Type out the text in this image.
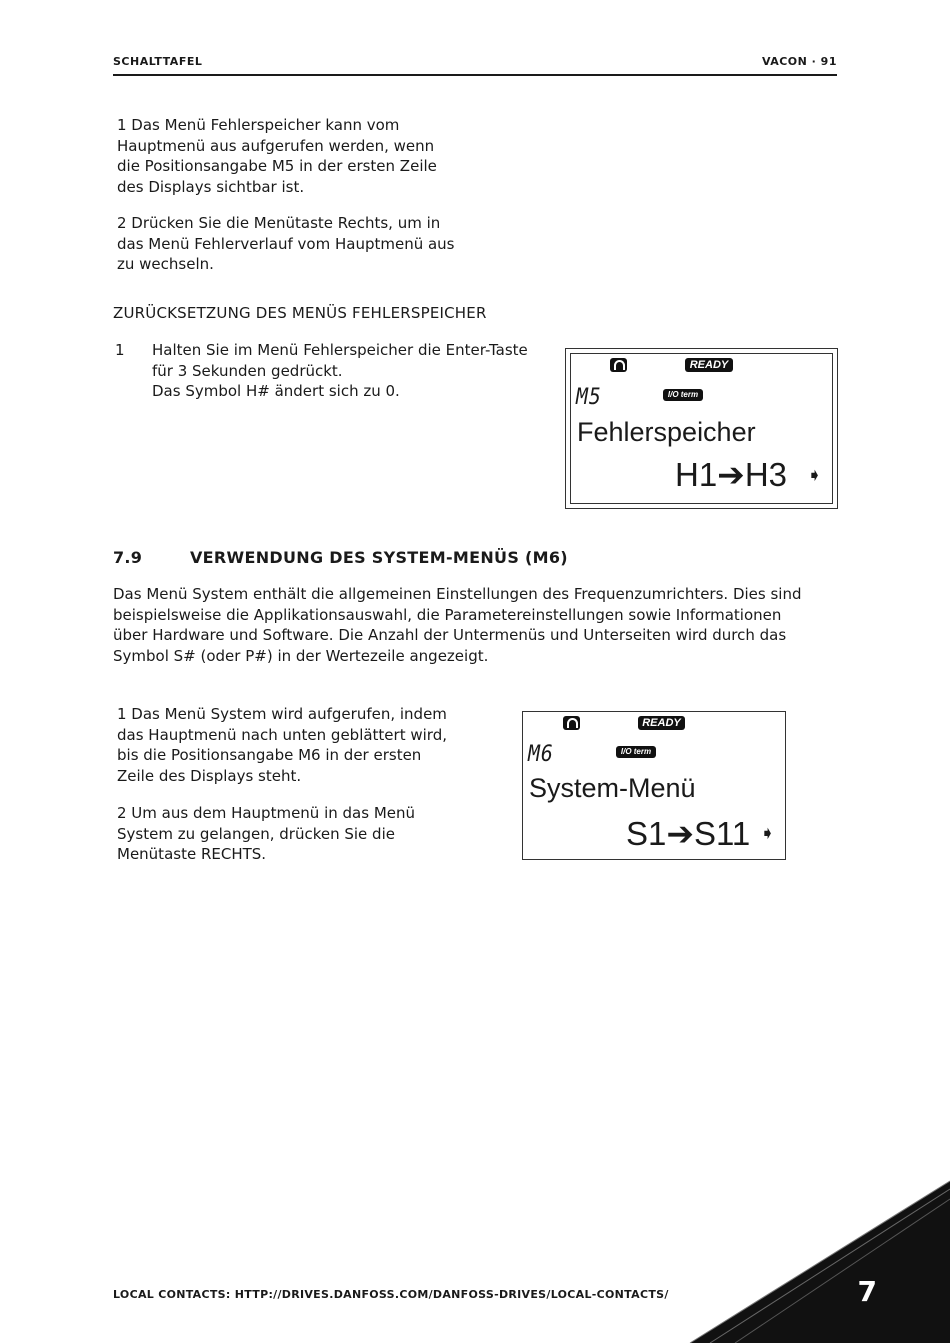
SCHALTTAFEL	VACON · 91
1 Das Menü Fehlerspeicher kann vom
Hauptmenü aus aufgerufen werden, wenn
die Positionsangabe M5 in der ersten Zeile
des Displays sichtbar ist.
2 Drücken Sie die Menütaste Rechts, um in
das Menü Fehlerverlauf vom Hauptmenü aus
zu wechseln.
ZURÜCKSETZUNG DES MENÜS FEHLERSPEICHER
1 Halten Sie im Menü Fehlerspeicher die Enter-Taste
für 3 Sekunden gedrückt.
Das Symbol H# ändert sich zu 0.
READY
M5	I/O term
Fehlerspeicher
H1➔H3 ➧
7.9	VERWENDUNG DES SYSTEM-MENÜS (M6)
Das Menü System enthält die allgemeinen Einstellungen des Frequenzumrichters. Dies sind
beispielsweise die Applikationsauswahl, die Parametereinstellungen sowie Informationen
über Hardware und Software. Die Anzahl der Untermenüs und Unterseiten wird durch das
Symbol S# (oder P#) in der Wertezeile angezeigt.
1 Das Menü System wird aufgerufen, indem
das Hauptmenü nach unten geblättert wird,
bis die Positionsangabe M6 in der ersten
Zeile des Displays steht.
2 Um aus dem Hauptmenü in das Menü
System zu gelangen, drücken Sie die
Menütaste RECHTS.
READY
M6	I/O term
System-Menü
S1➔S11 ➧
LOCAL CONTACTS: HTTP://DRIVES.DANFOSS.COM/DANFOSS-DRIVES/LOCAL-CONTACTS/	7
